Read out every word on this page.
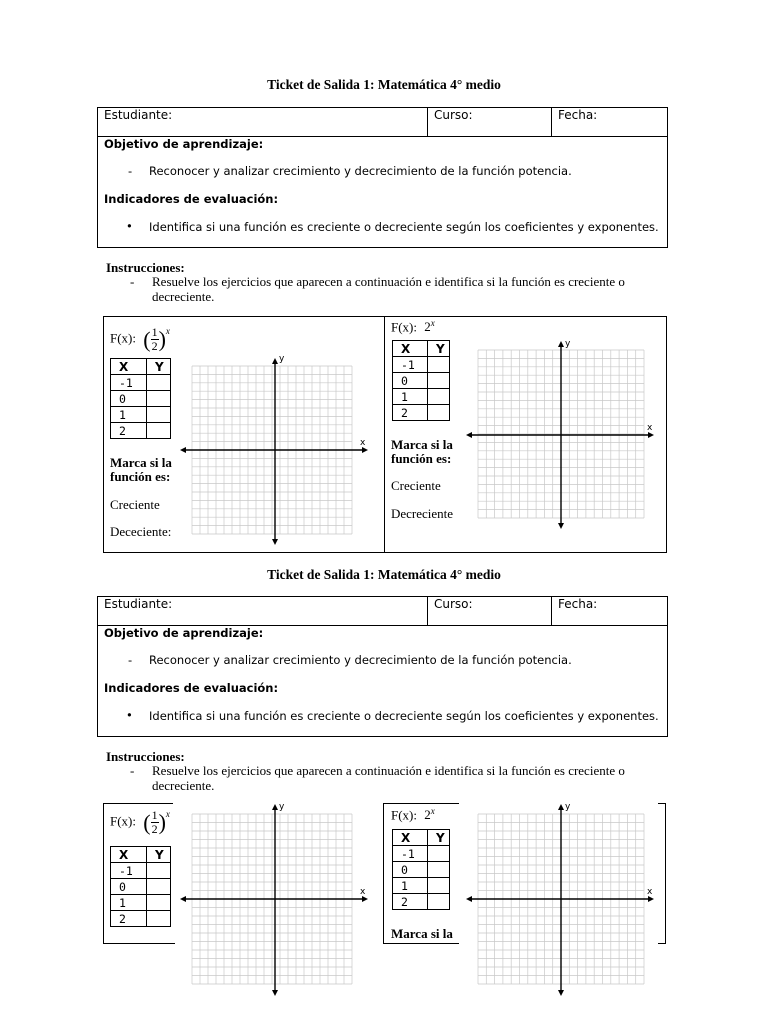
Ticket de Salida 1: Matemática 4° medio
Estudiante:	Curso:	Fecha:
Objetivo de aprendizaje:
- Reconocer y analizar crecimiento y decrecimiento de la función potencia.
Indicadores de evaluación:
• Identifica si una función es creciente o decreciente según los coeficientes y exponentes.
Instrucciones:
- Resuelve los ejercicios que aparecen a continuación e identifica si la función es creciente o
decreciente.
F(x): ( $\frac{1}{2} )^x$
X	Y
-1	
0	
1	
2	
Marca si la
función es:
Creciente
Dececiente:
x
y
F(x): 2$^x$
X	Y
-1	
0	
1	
2	
Marca si la
función es:
Creciente
Decreciente
x
y
Ticket de Salida 1: Matemática 4° medio
Estudiante:	Curso:	Fecha:
Objetivo de aprendizaje:
- Reconocer y analizar crecimiento y decrecimiento de la función potencia.
Indicadores de evaluación:
• Identifica si una función es creciente o decreciente según los coeficientes y exponentes.
Instrucciones:
- Resuelve los ejercicios que aparecen a continuación e identifica si la función es creciente o
decreciente.
F(x): ( $\frac{1}{2} )^x$
X	Y
-1	
0	
1	
2	
x
y
F(x): 2$^x$
X	Y
-1	
0	
1	
2	
Marca si la
x
y
